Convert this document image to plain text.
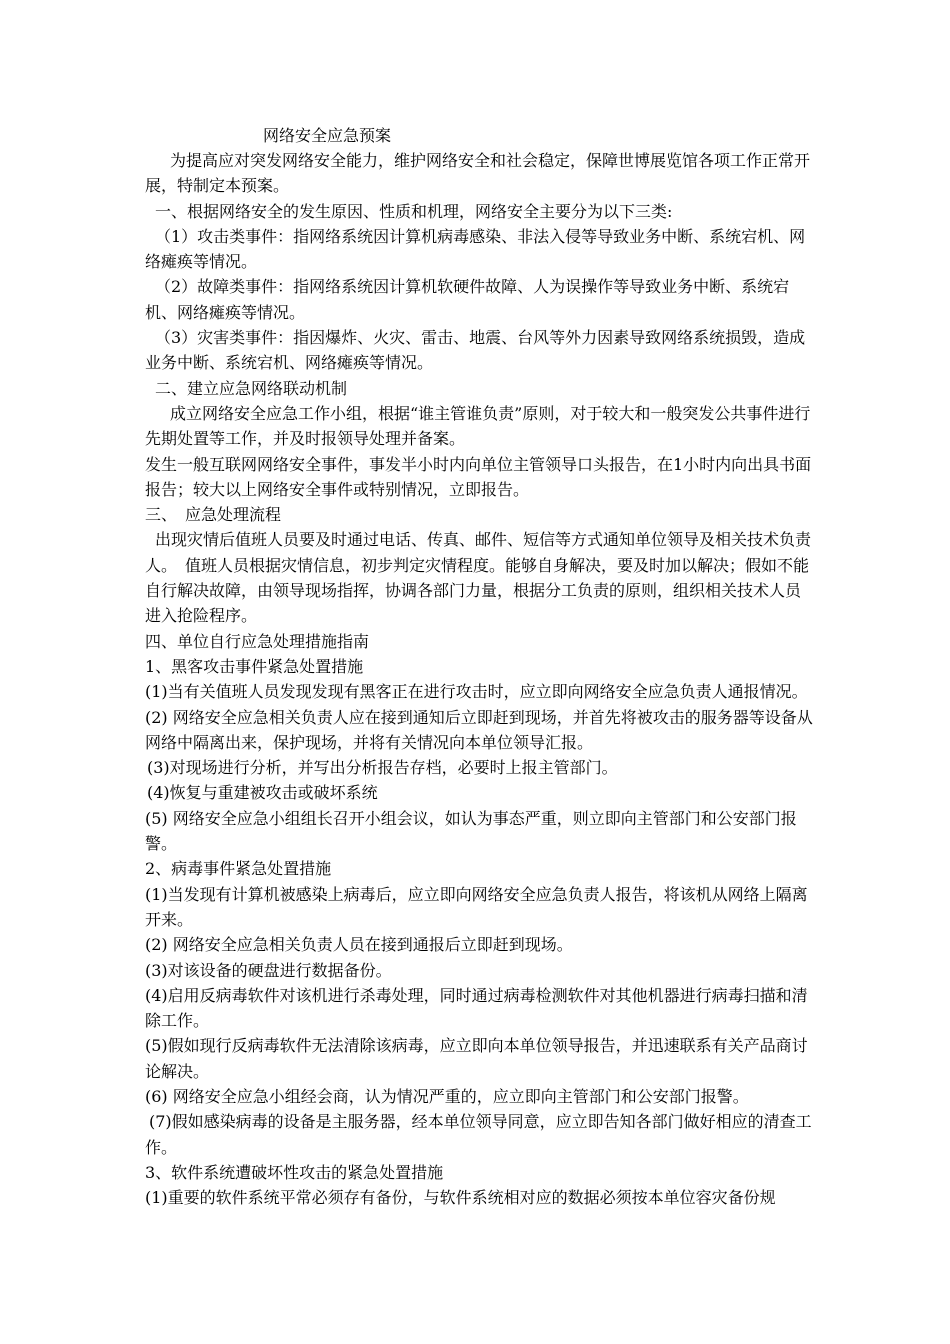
网络安全应急预案

为提高应对突发网络安全能力，维护网络安全和社会稳定，保障世博展览馆各项工作正常开展，特制定本预案。

一、根据网络安全的发生原因、性质和机理，网络安全主要分为以下三类:

（1）攻击类事件：指网络系统因计算机病毒感染、非法入侵等导致业务中断、系统宕机、网络瘫痪等情况。

（2）故障类事件：指网络系统因计算机软硬件故障、人为误操作等导致业务中断、系统宕机、网络瘫痪等情况。

（3）灾害类事件：指因爆炸、火灾、雷击、地震、台风等外力因素导致网络系统损毁，造成业务中断、系统宕机、网络瘫痪等情况。

二、建立应急网络联动机制

成立网络安全应急工作小组，根据“谁主管谁负责”原则，对于较大和一般突发公共事件进行先期处置等工作，并及时报领导处理并备案。

发生一般互联网网络安全事件，事发半小时内向单位主管领导口头报告，在1小时内向出具书面报告；较大以上网络安全事件或特别情况，立即报告。

三、　应急处理流程

出现灾情后值班人员要及时通过电话、传真、邮件、短信等方式通知单位领导及相关技术负责人。　值班人员根据灾情信息，初步判定灾情程度。能够自身解决，要及时加以解决；假如不能自行解决故障，由领导现场指挥，协调各部门力量，根据分工负责的原则，组织相关技术人员进入抢险程序。

四、单位自行应急处理措施指南

1、黑客攻击事件紧急处置措施

(1)当有关值班人员发现发现有黑客正在进行攻击时，应立即向网络安全应急负责人通报情况。

(2) 网络安全应急相关负责人应在接到通知后立即赶到现场，并首先将被攻击的服务器等设备从网络中隔离出来，保护现场，并将有关情况向本单位领导汇报。

(3)对现场进行分析，并写出分析报告存档，必要时上报主管部门。

(4)恢复与重建被攻击或破坏系统

(5) 网络安全应急小组组长召开小组会议，如认为事态严重，则立即向主管部门和公安部门报警。

2、病毒事件紧急处置措施

(1)当发现有计算机被感染上病毒后，应立即向网络安全应急负责人报告，将该机从网络上隔离开来。

(2) 网络安全应急相关负责人员在接到通报后立即赶到现场。

(3)对该设备的硬盘进行数据备份。

(4)启用反病毒软件对该机进行杀毒处理，同时通过病毒检测软件对其他机器进行病毒扫描和清除工作。

(5)假如现行反病毒软件无法清除该病毒，应立即向本单位领导报告，并迅速联系有关产品商讨论解决。

(6) 网络安全应急小组经会商，认为情况严重的，应立即向主管部门和公安部门报警。

(7)假如感染病毒的设备是主服务器，经本单位领导同意，应立即告知各部门做好相应的清查工作。

3、软件系统遭破坏性攻击的紧急处置措施

(1)重要的软件系统平常必须存有备份，与软件系统相对应的数据必须按本单位容灾备份规
